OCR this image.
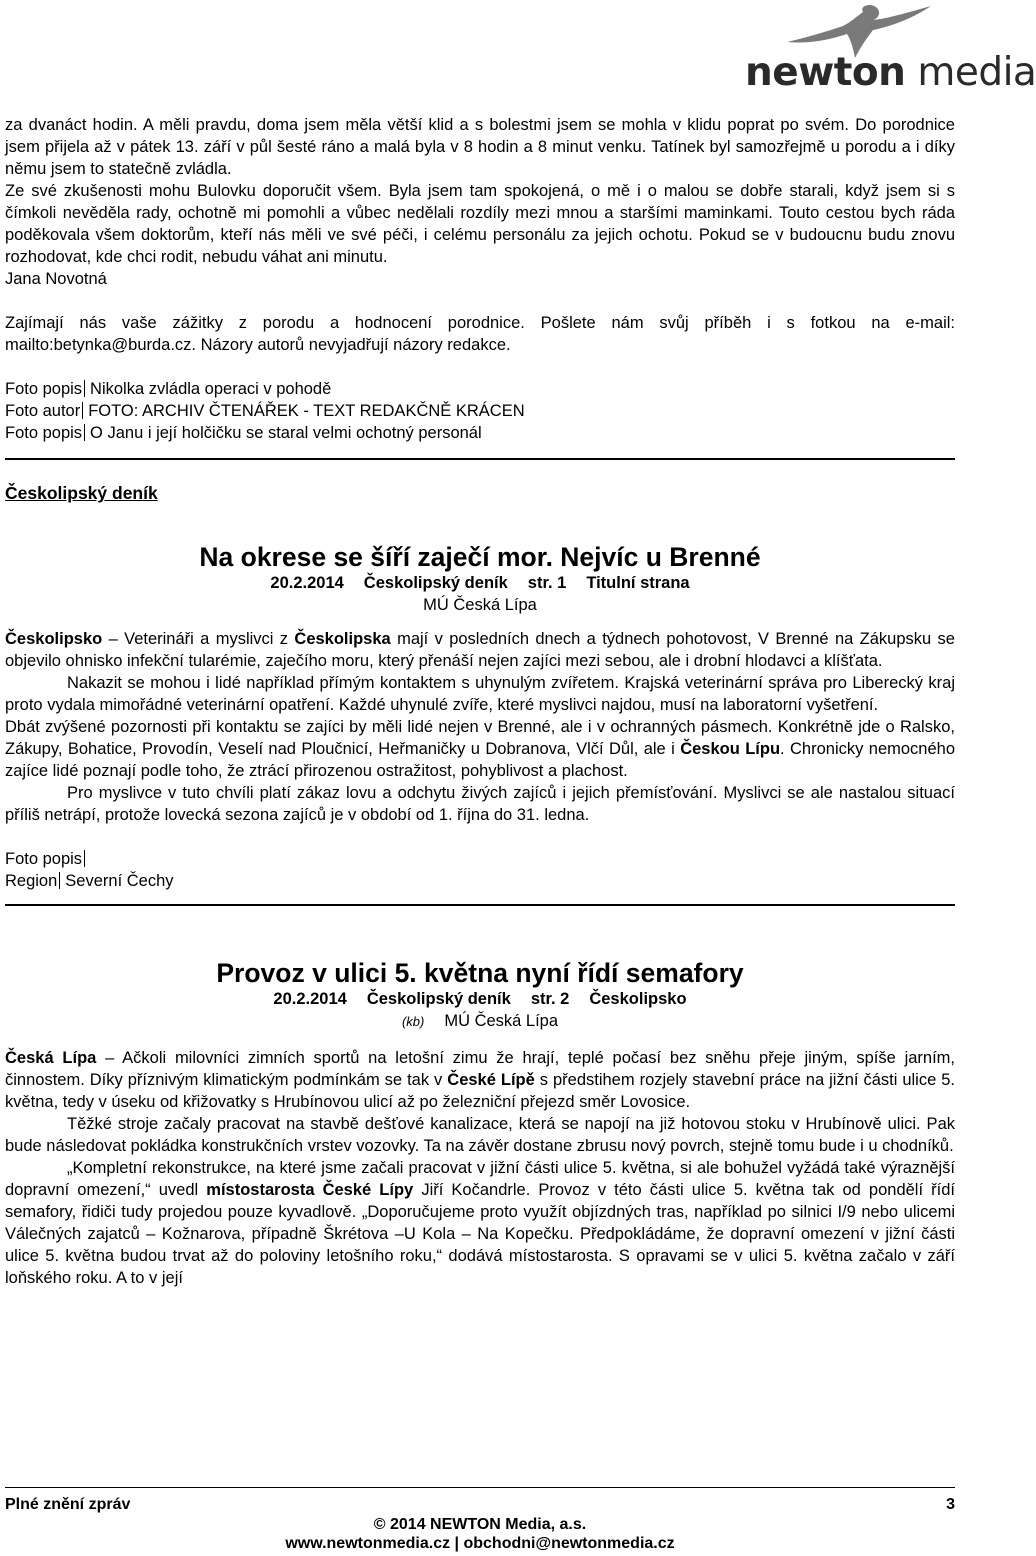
newton media

za dvanáct hodin. A měli pravdu, doma jsem měla větší klid a s bolestmi jsem se mohla v klidu poprat po svém. Do porodnice jsem přijela až v pátek 13. září v půl šesté ráno a malá byla v 8 hodin a 8 minut venku. Tatínek byl samozřejmě u porodu a i díky němu jsem to statečně zvládla.

Ze své zkušenosti mohu Bulovku doporučit všem. Byla jsem tam spokojená, o mě i o malou se dobře starali, když jsem si s čímkoli nevěděla rady, ochotně mi pomohli a vůbec nedělali rozdíly mezi mnou a staršími maminkami. Touto cestou bych ráda poděkovala všem doktorům, kteří nás měli ve své péči, i celému personálu za jejich ochotu. Pokud se v budoucnu budu znovu rozhodovat, kde chci rodit, nebudu váhat ani minutu.

Jana Novotná

Zajímají nás vaše zážitky z porodu a hodnocení porodnice. Pošlete nám svůj příběh i s fotkou na e-mail: mailto:betynka@burda.cz. Názory autorů nevyjadřují názory redakce.

Foto popis Nikolka zvládla operaci v pohodě

Foto autor FOTO: ARCHIV ČTENÁŘEK - TEXT REDAKČNĚ KRÁCEN

Foto popis O Janu i její holčičku se staral velmi ochotný personál

Českolipský deník
Na okrese se šíří zaječí mor. Nejvíc u Brenné
20.2.2014 Českolipský deník str. 1 Titulní strana
MÚ Česká Lípa

Českolipsko – Veterináři a myslivci z Českolipska mají v posledních dnech a týdnech pohotovost, V Brenné na Zákupsku se objevilo ohnisko infekční tularémie, zaječího moru, který přenáší nejen zajíci mezi sebou, ale i drobní hlodavci a klíšťata.

Nakazit se mohou i lidé například přímým kontaktem s uhynulým zvířetem. Krajská veterinární správa pro Liberecký kraj proto vydala mimořádné veterinární opatření. Každé uhynulé zvíře, které myslivci najdou, musí na laboratorní vyšetření.

Dbát zvýšené pozornosti při kontaktu se zajíci by měli lidé nejen v Brenné, ale i v ochranných pásmech. Konkrétně jde o Ralsko, Zákupy, Bohatice, Provodín, Veselí nad Ploučnicí, Heřmaničky u Dobranova, Vlčí Důl, ale i Českou Lípu. Chronicky nemocného zajíce lidé poznají podle toho, že ztrácí přirozenou ostražitost, pohyblivost a plachost.

Pro myslivce v tuto chvíli platí zákaz lovu a odchytu živých zajíců i jejich přemísťování. Myslivci se ale nastalou situací příliš netrápí, protože lovecká sezona zajíců je v období od 1. října do 31. ledna.

Foto popis

Region Severní Čechy

Provoz v ulici 5. května nyní řídí semafory
20.2.2014 Českolipský deník str. 2 Českolipsko
(kb) MÚ Česká Lípa

Česká Lípa – Ačkoli milovníci zimních sportů na letošní zimu že hrají, teplé počasí bez sněhu přeje jiným, spíše jarním, činnostem. Díky příznivým klimatickým podmínkám se tak v České Lípě s předstihem rozjely stavební práce na jižní části ulice 5. května, tedy v úseku od křižovatky s Hrubínovou ulicí až po železniční přejezd směr Lovosice.

Těžké stroje začaly pracovat na stavbě dešťové kanalizace, která se napojí na již hotovou stoku v Hrubínově ulici. Pak bude následovat pokládka konstrukčních vrstev vozovky. Ta na závěr dostane zbrusu nový povrch, stejně tomu bude i u chodníků.

„Kompletní rekonstrukce, na které jsme začali pracovat v jižní části ulice 5. května, si ale bohužel vyžádá také výraznější dopravní omezení,“ uvedl místostarosta České Lípy Jiří Kočandrle. Provoz v této části ulice 5. května tak od pondělí řídí semafory, řidiči tudy projedou pouze kyvadlově. „Doporučujeme proto využít objízdných tras, například po silnici I/9 nebo ulicemi Válečných zajatců – Kožnarova, případně Škrétova –U Kola – Na Kopečku. Předpokládáme, že dopravní omezení v jižní části ulice 5. května budou trvat až do poloviny letošního roku,“ dodává místostarosta. S opravami se v ulici 5. května začalo v září loňského roku. A to v její

Plné znění zpráv	3
© 2014 NEWTON Media, a.s.
www.newtonmedia.cz | obchodni@newtonmedia.cz
